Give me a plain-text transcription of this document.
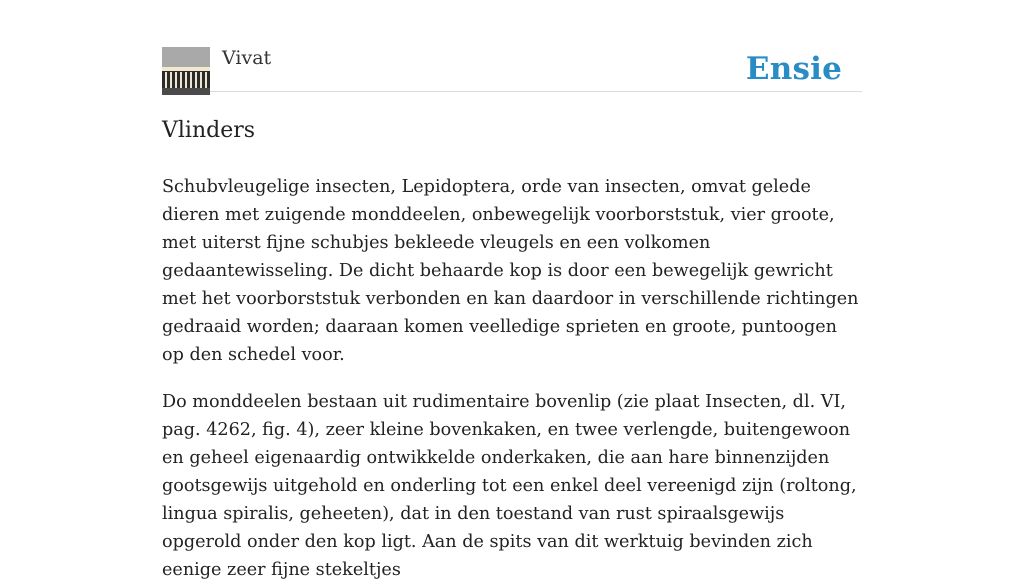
Vivat	Ensie
Vlinders

Schubvleugelige insecten, Lepidoptera, orde van insecten, omvat gelede dieren met zuigende monddeelen, onbewegelijk voorborststuk, vier groote, met uiterst fijne schubjes bekleede vleugels en een volkomen gedaantewisseling. De dicht behaarde kop is door een bewegelijk gewricht met het voorborststuk verbonden en kan daardoor in verschillende richtingen gedraaid worden; daaraan komen veelledige sprieten en groote, puntoogen op den schedel voor.

Do monddeelen bestaan uit rudimentaire bovenlip (zie plaat Insecten, dl. VI, pag. 4262, fig. 4), zeer kleine bovenkaken, en twee verlengde, buitengewoon en geheel eigenaardig ontwikkelde onderkaken, die aan hare binnenzijden gootsgewijs uitgehold en onderling tot een enkel deel vereenigd zijn (roltong, lingua spiralis, geheeten), dat in den toestand van rust spiraalsgewijs opgerold onder den kop ligt. Aan de spits van dit werktuig bevinden zich eenige zeer fijne stekeltjes
